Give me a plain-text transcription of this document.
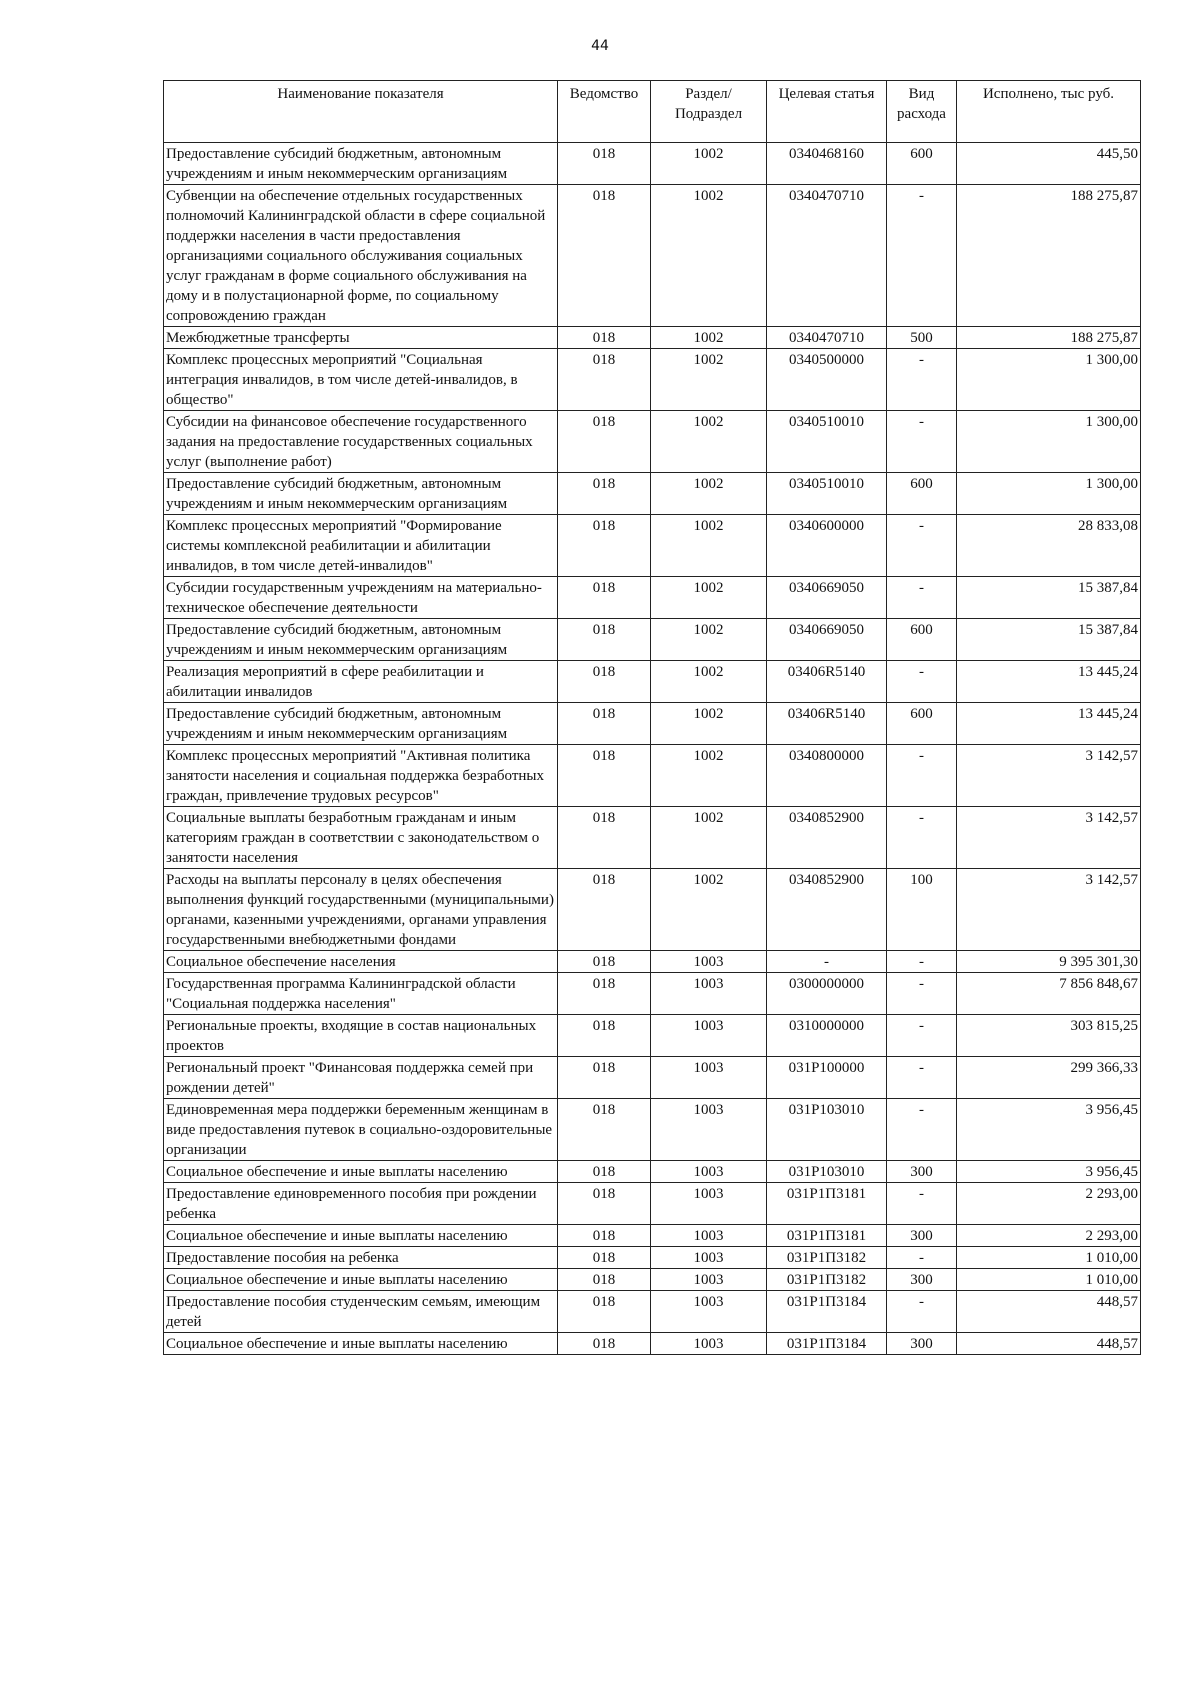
44
Наименование показателя	Ведомство	Раздел/ Подраздел	Целевая статья	Вид расхода	Исполнено, тыс руб.
Предоставление субсидий бюджетным, автономным учреждениям и иным некоммерческим организациям	018	1002	0340468160	600	445,50
Субвенции на обеспечение отдельных государственных полномочий Калининградской области в сфере социальной поддержки населения в части предоставления организациями социального обслуживания социальных услуг гражданам в форме социального обслуживания на дому и в полустационарной форме, по социальному сопровождению граждан	018	1002	0340470710	-	188 275,87
Межбюджетные трансферты	018	1002	0340470710	500	188 275,87
Комплекс процессных мероприятий "Социальная интеграция инвалидов, в том числе детей-инвалидов, в общество"	018	1002	0340500000	-	1 300,00
Субсидии на финансовое обеспечение государственного задания на предоставление государственных социальных услуг (выполнение работ)	018	1002	0340510010	-	1 300,00
Предоставление субсидий бюджетным, автономным учреждениям и иным некоммерческим организациям	018	1002	0340510010	600	1 300,00
Комплекс процессных мероприятий "Формирование системы комплексной реабилитации и абилитации инвалидов, в том числе детей-инвалидов"	018	1002	0340600000	-	28 833,08
Субсидии государственным учреждениям на материально-техническое обеспечение деятельности	018	1002	0340669050	-	15 387,84
Предоставление субсидий бюджетным, автономным учреждениям и иным некоммерческим организациям	018	1002	0340669050	600	15 387,84
Реализация мероприятий в сфере реабилитации и абилитации инвалидов	018	1002	03406R5140	-	13 445,24
Предоставление субсидий бюджетным, автономным учреждениям и иным некоммерческим организациям	018	1002	03406R5140	600	13 445,24
Комплекс процессных мероприятий "Активная политика занятости населения и социальная поддержка безработных граждан, привлечение трудовых ресурсов"	018	1002	0340800000	-	3 142,57
Социальные выплаты безработным гражданам и иным категориям граждан в соответствии с законодательством о занятости населения	018	1002	0340852900	-	3 142,57
Расходы на выплаты персоналу в целях обеспечения выполнения функций государственными (муниципальными) органами, казенными учреждениями, органами управления государственными внебюджетными фондами	018	1002	0340852900	100	3 142,57
Социальное обеспечение населения	018	1003	-	-	9 395 301,30
Государственная программа Калининградской области "Социальная поддержка населения"	018	1003	0300000000	-	7 856 848,67
Региональные проекты, входящие в состав национальных проектов	018	1003	0310000000	-	303 815,25
Региональный проект "Финансовая поддержка семей при рождении детей"	018	1003	031P100000	-	299 366,33
Единовременная мера поддержки беременным женщинам в виде предоставления путевок в социально-оздоровительные организации	018	1003	031P103010	-	3 956,45
Социальное обеспечение и иные выплаты населению	018	1003	031P103010	300	3 956,45
Предоставление единовременного пособия при рождении ребенка	018	1003	031P1П3181	-	2 293,00
Социальное обеспечение и иные выплаты населению	018	1003	031P1П3181	300	2 293,00
Предоставление пособия на ребенка	018	1003	031P1П3182	-	1 010,00
Социальное обеспечение и иные выплаты населению	018	1003	031P1П3182	300	1 010,00
Предоставление пособия студенческим семьям, имеющим детей	018	1003	031P1П3184	-	448,57
Социальное обеспечение и иные выплаты населению	018	1003	031P1П3184	300	448,57
